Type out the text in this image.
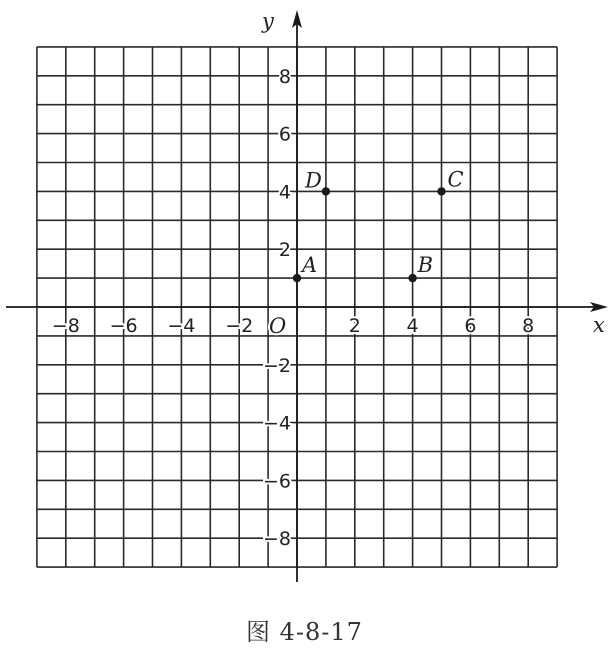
−8 −6 −4 −2	2 4 6 8
8
6
4
2
−2
−4
−6
−8
x
y
O
A	B
C
D
图 4-8-17
